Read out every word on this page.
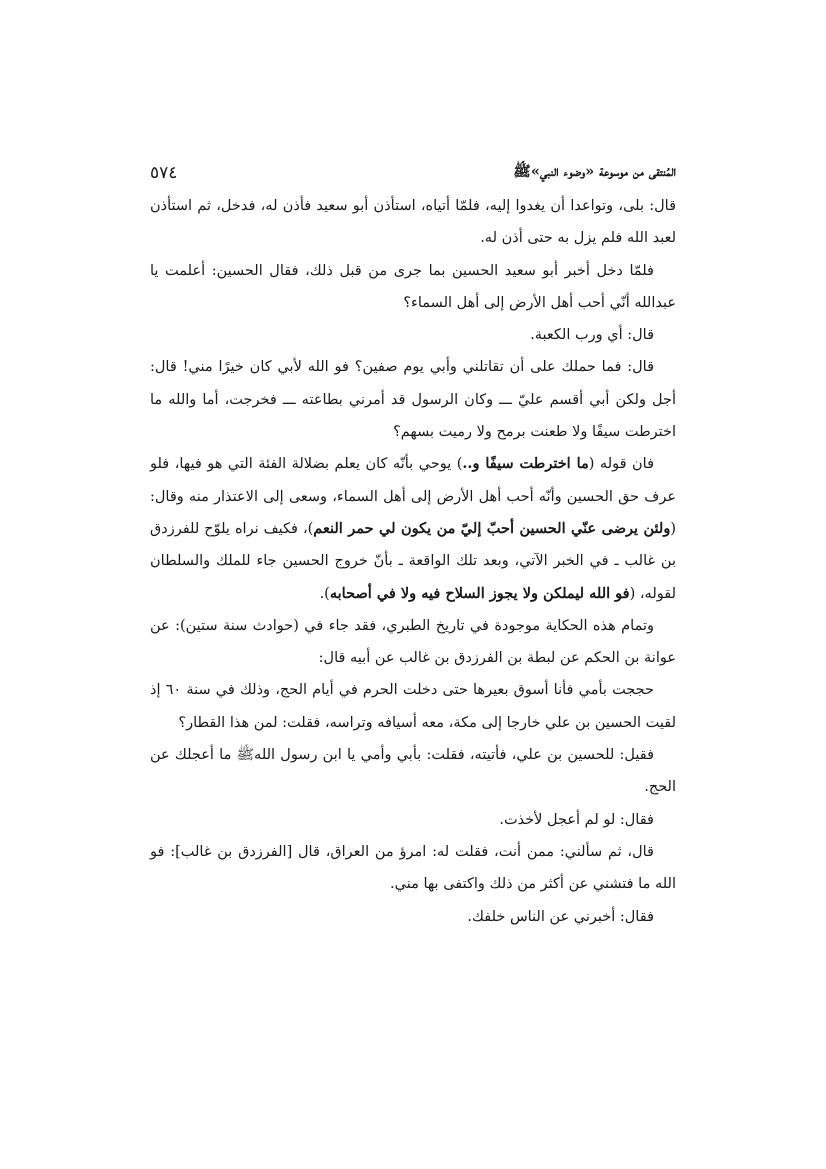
المُنتقى من موسوعة «وضوء النبي»ﷺ
٥٧٤

قال: بلى، وتواعدا أن يغدوا إليه، فلمّا أتياه، استأذن أبو سعيد فأذن له، فدخل، ثم استأذن لعبد الله فلم يزل به حتى أذن له.

فلمّا دخل أخبر أبو سعيد الحسين بما جرى من قبل ذلك، فقال الحسين: أعلمت يا عبدالله أنّي أحب أهل الأرض إلى أهل السماء؟

قال: أي ورب الكعبة.

قال: فما حملك على أن تقاتلني وأبي يوم صفين؟ فو الله لأبي كان خيرًا مني! قال: أجل ولكن أبي أقسم عليّ ـــ وكان الرسول قد أمرني بطاعته ـــ فخرجت، أما والله ما اخترطت سيفًا ولا طعنت برمح ولا رميت بسهم؟

فان قوله (ما اخترطت سيفًا و..) يوحي بأنّه كان يعلم بضلالة الفئة التي هو فيها، فلو عرف حق الحسين وأنّه أحب أهل الأرض إلى أهل السماء، وسعى إلى الاعتذار منه وقال: (ولئن يرضى عنّي الحسين أحبّ إليّ من يكون لي حمر النعم)، فكيف نراه يلوّح للفرزدق بن غالب ـ في الخبر الآتي، وبعد تلك الواقعة ـ بأنّ خروج الحسين جاء للملك والسلطان لقوله، (فو الله ليملكن ولا يجوز السلاح فيه ولا في أصحابه).

وتمام هذه الحكاية موجودة في تاريخ الطبري، فقد جاء في (حوادث سنة ستين): عن عوانة بن الحكم عن لبطة بن الفرزدق بن غالب عن أبيه قال:

حججت بأمي فأنا أسوق بعيرها حتى دخلت الحرم في أيام الحج، وذلك في سنة ٦٠ إذ لقيت الحسين بن علي خارجا إلى مكة، معه أسيافه وتراسه، فقلت: لمن هذا القطار؟

فقيل: للحسين بن علي، فأتيته، فقلت: بأبي وأمي يا ابن رسول اللهﷺ ما أعجلك عن الحج.

فقال: لو لم أعجل لأخذت.

قال، ثم سألني: ممن أنت، فقلت له: امرؤ من العراق، قال [الفرزدق بن غالب]: فو الله ما فتشني عن أكثر من ذلك واكتفى بها مني.

فقال: أخبرني عن الناس خلفك.
